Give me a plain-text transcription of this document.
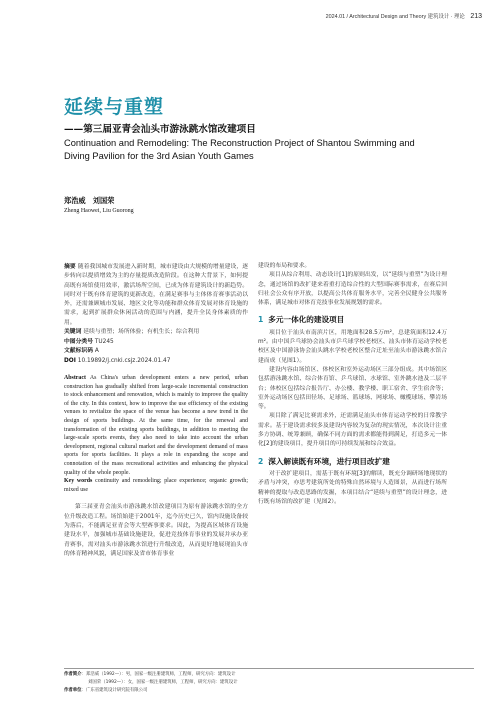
2024.01 / Architectural Design and Theory 建筑设计 · 理论 213
延续与重塑
——第三届亚青会汕头市游泳跳水馆改建项目
Continuation and Remodeling: The Reconstruction Project of Shantou Swimming and Diving Pavilion for the 3rd Asian Youth Games
郑浩威　刘国荣
Zheng Haowei, Liu Guorong

摘要 随着我国城市发展进入新时期，城市建设由大规模的增量建设，逐步转向以提质增效为主的存量提质改造阶段。在这种大背景下，如何提高既有场馆使用效率，激活场所空间，已成为体育建筑设计的新趋势。同时对于既有体育建筑的更新改造，在满足赛事与主体体育赛事活动以外，还需兼顾城市发展、地区文化等功能和群众体育发展对体育设施的需求，起到扩展群众休闲活动的范围与内涵，提升全民身体素质的作用。

关键词 延续与重塑；场所体验；有机生长；综合利用

中图分类号 TU245

文献标识码 A

DOI 10.19892/j.cnki.csjz.2024.01.47

Abstract As China's urban development enters a new period, urban construction has gradually shifted from large-scale incremental construction to stock enhancement and renovation, which is mainly to improve the quality of the city. In this context, how to improve the use efficiency of the existing venues to revitalize the space of the venue has become a new trend in the design of sports buildings. At the same time, for the renewal and transformation of the existing sports buildings, in addition to meeting the large-scale sports events, they also need to take into account the urban development, regional cultural market and the development demand of mass sports for sports facilities. It plays a role in expanding the scope and connotation of the mass recreational activities and enhancing the physical quality of the whole people.

Key words continuity and remodeling; place experience; organic growth; mixed use

第三届亚青会汕头市游泳跳水馆改建项目为原有游泳跳水馆的全方位升级改造工程。场馆始建于2001年，迄今历史已久，馆内设施设备较为落后，不能满足亚青会等大型赛事要求。因此，为提高区域体育设施建设水平，加强城市基础设施建设，促进竞技体育事业的发展并承办亚青赛事，需对汕头市游泳跳水馆进行升级改造，从而更好地展现汕头市的体育精神风貌，满足国家及省市体育事业

建设的布局和要求。

项目从综合利用、动态设计[1]的原则出发，以“延续与重塑”为设计理念，通过场馆的改扩建来着重打造综合性的大型国际赛事需求，在赛后回归社会公众有序开放，以提高公共体育服务水平，完善全民健身公共服务体系，满足城市对体育竞技事业发展规划的需求。

1 多元一体化的建设项目

项目位于汕头市南滨片区，用地面积28.5万m²，总建筑面积12.4万m²。由中国乒乓球协会汕头市乒乓球学校老校区、汕头市体育运动学校老校区及中国游泳协会汕头跳水学校老校区整合迁址至汕头市游泳跳水馆合建而成（见图1）。

建设内容由场馆区、体校区和室外运动场区三部分组成。其中场馆区包括游泳跳水馆、综合体育馆、乒乓球馆、水球馆、室外跳水池及二层平台；体校区包括综合报告厅、办公楼、教学楼、职工宿舍、学生宿舍等；室外运动场区包括田径场、足球场、篮球场、网球场、橄榄球场、攀岩场等。

项目除了满足比赛需求外，还需满足汕头市体育运动学校的日常教学需求。基于建设需求较多及建设内容较为复杂的现实情况，本次设计注重多方协调、统筹兼顾，确保不同方面的需求都能得到满足，打造多元一体化[2]的建设项目，提升项目的可持续发展和综合效益。

2 深入解读既有环境，进行项目改扩建

对于改扩建项目，需基于既有环境[3]的解读，既充分调研场地现状的矛盾与冲突，亦思考建筑所处的特殊自然环境与人造图景，从而进行场所精神的提取与改造思路的发掘，本项目结合“延续与重塑”的设计理念，进行既有场馆的改扩建（见图2）。

作者简介：郑浩威（1992—）：男，国家一级注册建筑师，工程师，研究方向：建筑设计
刘国荣（1992—）：女，国家一级注册建筑师，工程师，研究方向：建筑设计
作者单位：广东省建筑设计研究院有限公司
